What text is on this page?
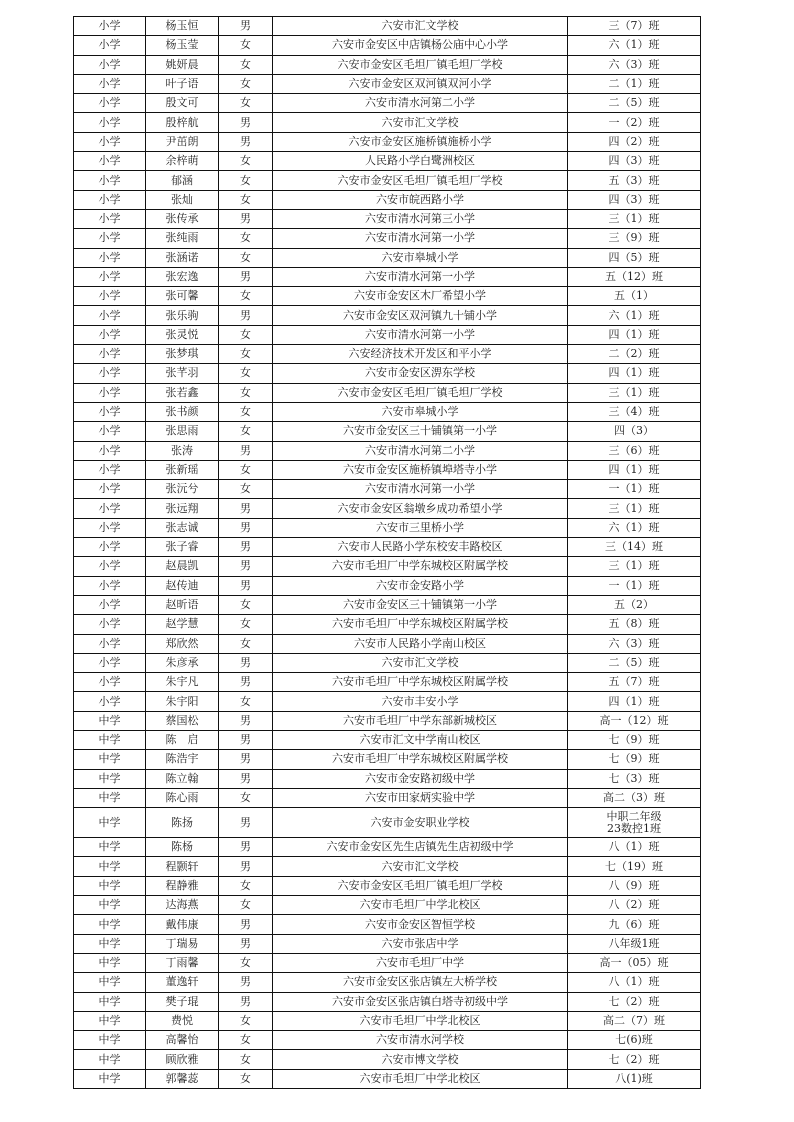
小学	杨玉恒	男	六安市汇文学校	三（7）班
小学	杨玉莹	女	六安市金安区中店镇杨公庙中心小学	六（1）班
小学	姚妍晨	女	六安市金安区毛坦厂镇毛坦厂学校	六（3）班
小学	叶子语	女	六安市金安区双河镇双河小学	二（1）班
小学	殷文可	女	六安市清水河第二小学	二（5）班
小学	殷梓航	男	六安市汇文学校	一（2）班
小学	尹茁朗	男	六安市金安区施桥镇施桥小学	四（2）班
小学	余梓萌	女	人民路小学白鹭洲校区	四（3）班
小学	郁涵	女	六安市金安区毛坦厂镇毛坦厂学校	五（3）班
小学	张灿	女	六安市皖西路小学	四（3）班
小学	张传承	男	六安市清水河第三小学	三（1）班
小学	张纯雨	女	六安市清水河第一小学	三（9）班
小学	张涵诺	女	六安市皋城小学	四（5）班
小学	张宏逸	男	六安市清水河第一小学	五（12）班
小学	张可馨	女	六安市金安区木厂希望小学	五（1）
小学	张乐驹	男	六安市金安区双河镇九十铺小学	六（1）班
小学	张灵悦	女	六安市清水河第一小学	四（1）班
小学	张梦琪	女	六安经济技术开发区和平小学	二（2）班
小学	张芊羽	女	六安市金安区淠东学校	四（1）班
小学	张若鑫	女	六安市金安区毛坦厂镇毛坦厂学校	三（1）班
小学	张书颜	女	六安市皋城小学	三（4）班
小学	张思雨	女	六安市金安区三十铺镇第一小学	四（3）
小学	张涛	男	六安市清水河第二小学	三（6）班
小学	张新瑶	女	六安市金安区施桥镇埠塔寺小学	四（1）班
小学	张沅兮	女	六安市清水河第一小学	一（1）班
小学	张远翔	男	六安市金安区翁墩乡成功希望小学	三（1）班
小学	张志诚	男	六安市三里桥小学	六（1）班
小学	张子睿	男	六安市人民路小学东校安丰路校区	三（14）班
小学	赵晨凯	男	六安市毛坦厂中学东城校区附属学校	三（1）班
小学	赵传迪	男	六安市金安路小学	一（1）班
小学	赵昕语	女	六安市金安区三十铺镇第一小学	五（2）
小学	赵学慧	女	六安市毛坦厂中学东城校区附属学校	五（8）班
小学	郑欣然	女	六安市人民路小学南山校区	六（3）班
小学	朱彦承	男	六安市汇文学校	二（5）班
小学	朱宇凡	男	六安市毛坦厂中学东城校区附属学校	五（7）班
小学	朱宇阳	女	六安市丰安小学	四（1）班
中学	蔡国松	男	六安市毛坦厂中学东部新城校区	高一（12）班
中学	陈　启	男	六安市汇文中学南山校区	七（9）班
中学	陈浩宇	男	六安市毛坦厂中学东城校区附属学校	七（9）班
中学	陈立翰	男	六安市金安路初级中学	七（3）班
中学	陈心雨	女	六安市田家炳实验中学	高二（3）班
中学	陈扬	男	六安市金安职业学校	中职二年级
23数控1班

中学	陈杨	男	六安市金安区先生店镇先生店初级中学	八（1）班
中学	程颢轩	男	六安市汇文学校	七（19）班
中学	程静雅	女	六安市金安区毛坦厂镇毛坦厂学校	八（9）班
中学	达海燕	女	六安市毛坦厂中学北校区	八（2）班
中学	戴伟康	男	六安市金安区智恒学校	九（6）班
中学	丁瑞易	男	六安市张店中学	八年级1班
中学	丁雨馨	女	六安市毛坦厂中学	高一（05）班
中学	董逸轩	男	六安市金安区张店镇左大桥学校	八（1）班
中学	樊子琨	男	六安市金安区张店镇白塔寺初级中学	七（2）班
中学	费悦	女	六安市毛坦厂中学北校区	高二（7）班
中学	高馨怡	女	六安市清水河学校	七(6)班
中学	顾欣雅	女	六安市博文学校	七（2）班
中学	郭馨蕊	女	六安市毛坦厂中学北校区	八(1)班
